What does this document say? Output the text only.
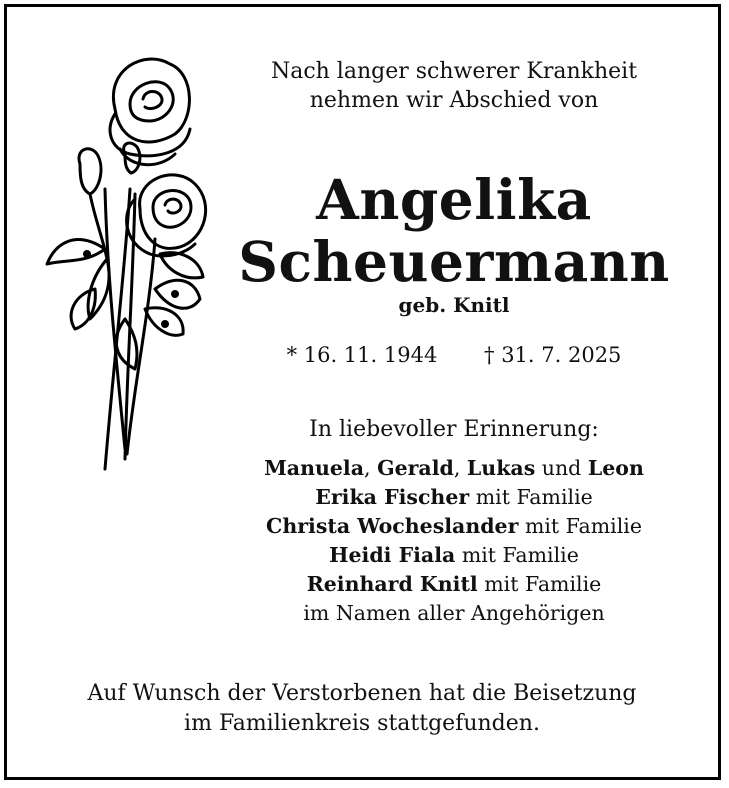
Nach langer schwerer Krankheit
nehmen wir Abschied von
Angelika
Scheuermann
geb. Knitl
* 16. 11. 1944 † 31. 7. 2025
In liebevoller Erinnerung:
Manuela, Gerald, Lukas und Leon
Erika Fischer mit Familie
Christa Wocheslander mit Familie
Heidi Fiala mit Familie
Reinhard Knitl mit Familie
im Namen aller Angehörigen
Auf Wunsch der Verstorbenen hat die Beisetzung
im Familienkreis stattgefunden.
